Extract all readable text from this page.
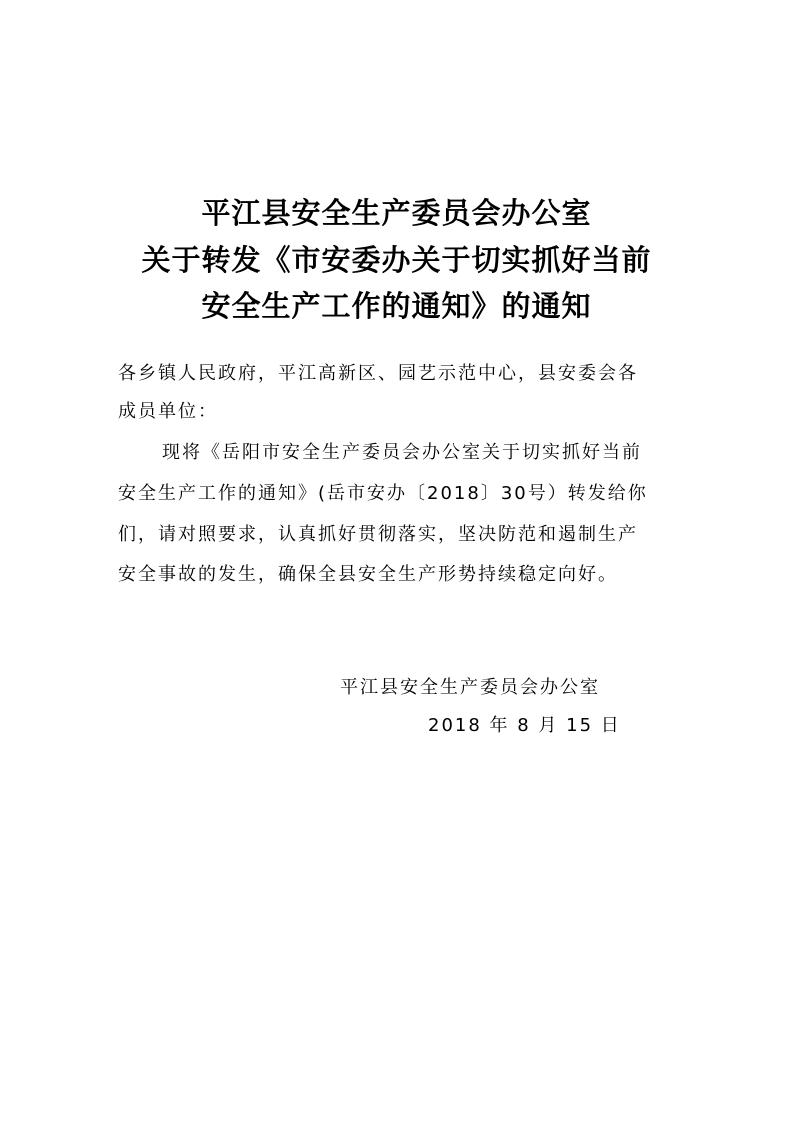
平江县安全生产委员会办公室
关于转发《市安委办关于切实抓好当前
安全生产工作的通知》的通知
各乡镇人民政府，平江高新区、园艺示范中心，县安委会各
成员单位：
现将《岳阳市安全生产委员会办公室关于切实抓好当前
安全生产工作的通知》(岳市安办〔2018〕30号）转发给你
们，请对照要求，认真抓好贯彻落实，坚决防范和遏制生产
安全事故的发生，确保全县安全生产形势持续稳定向好。
平江县安全生产委员会办公室
2018 年 8 月 15 日
